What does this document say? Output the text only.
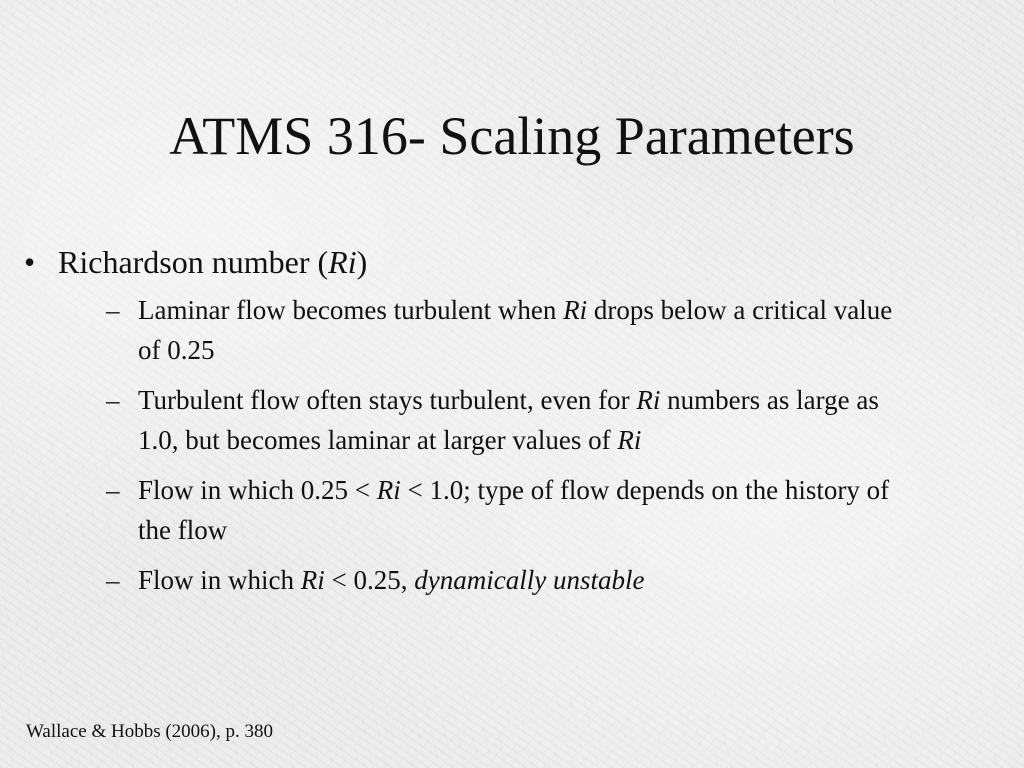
ATMS 316- Scaling Parameters
• Richardson number (Ri)
– Laminar flow becomes turbulent when Ri drops below a critical value of 0.25
– Turbulent flow often stays turbulent, even for Ri numbers as large as 1.0, but becomes laminar at larger values of Ri
– Flow in which 0.25 < Ri < 1.0; type of flow depends on the history of the flow
– Flow in which Ri < 0.25, dynamically unstable
Wallace & Hobbs (2006), p. 380
